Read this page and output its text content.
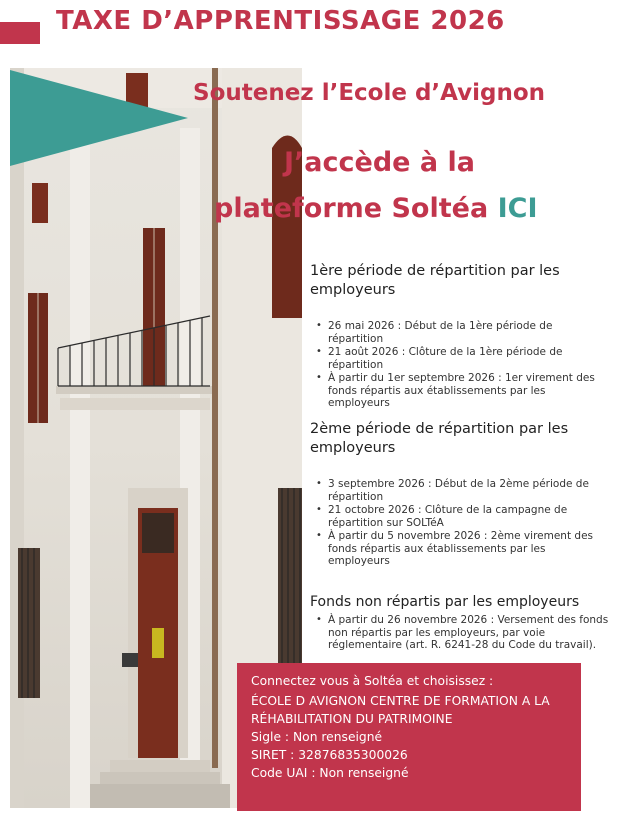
TAXE D’APPRENTISSAGE 2026
Soutenez l’Ecole d’Avignon
J’accède à la
plateforme Soltéa ICI
1ère période de répartition par les employeurs
• 26 mai 2026 : Début de la 1ère période de répartition
• 21 août 2026 : Clôture de la 1ère période de répartition
• À partir du 1er septembre 2026 : 1er virement des fonds répartis aux établissements par les employeurs
2ème période de répartition par les employeurs
• 3 septembre 2026 : Début de la 2ème période de répartition
• 21 octobre 2026 : Clôture de la campagne de répartition sur SOLTéA
• À partir du 5 novembre 2026 : 2ème virement des fonds répartis aux établissements par les employeurs
Fonds non répartis par les employeurs
• À partir du 26 novembre 2026 : Versement des fonds non répartis par les employeurs, par voie réglementaire (art. R. 6241-28 du Code du travail).
Connectez vous à Soltéa et choisissez :
ÉCOLE D AVIGNON CENTRE DE FORMATION A LA
RÉHABILITATION DU PATRIMOINE
Sigle : Non renseigné
SIRET : 32876835300026
Code UAI : Non renseigné
